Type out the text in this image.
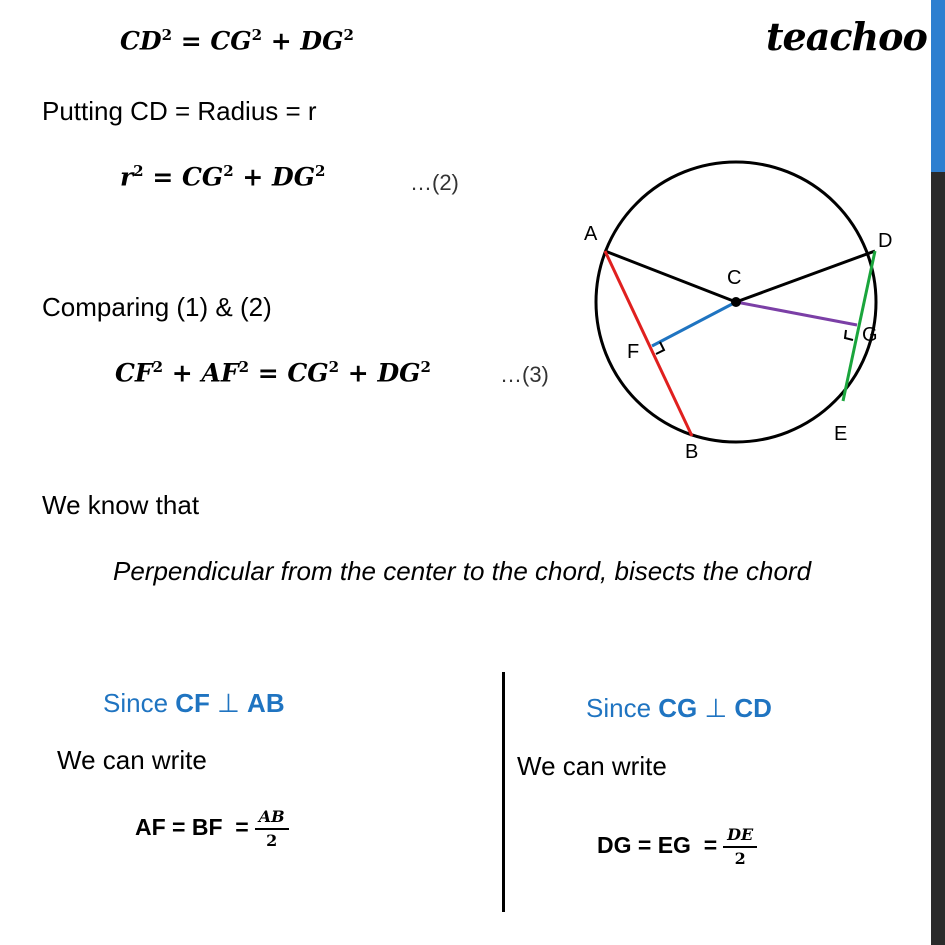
teachoo
$CD^2 = CG^2 + DG^2$
Putting CD = Radius = r
$r^2 = CG^2 + DG^2$	…(2)
Comparing (1) & (2)
$CF^2 + AF^2 = CG^2 + DG^2$	…(3)
A	D
C
G
F
E
B
We know that
Perpendicular from the center to the chord, bisects the chord
Since CF ⊥ AB
We can write
AF = BF  = $\frac{AB}{2}$
Since CG ⊥ CD
We can write
DG = EG  = $\frac{DE}{2}$
